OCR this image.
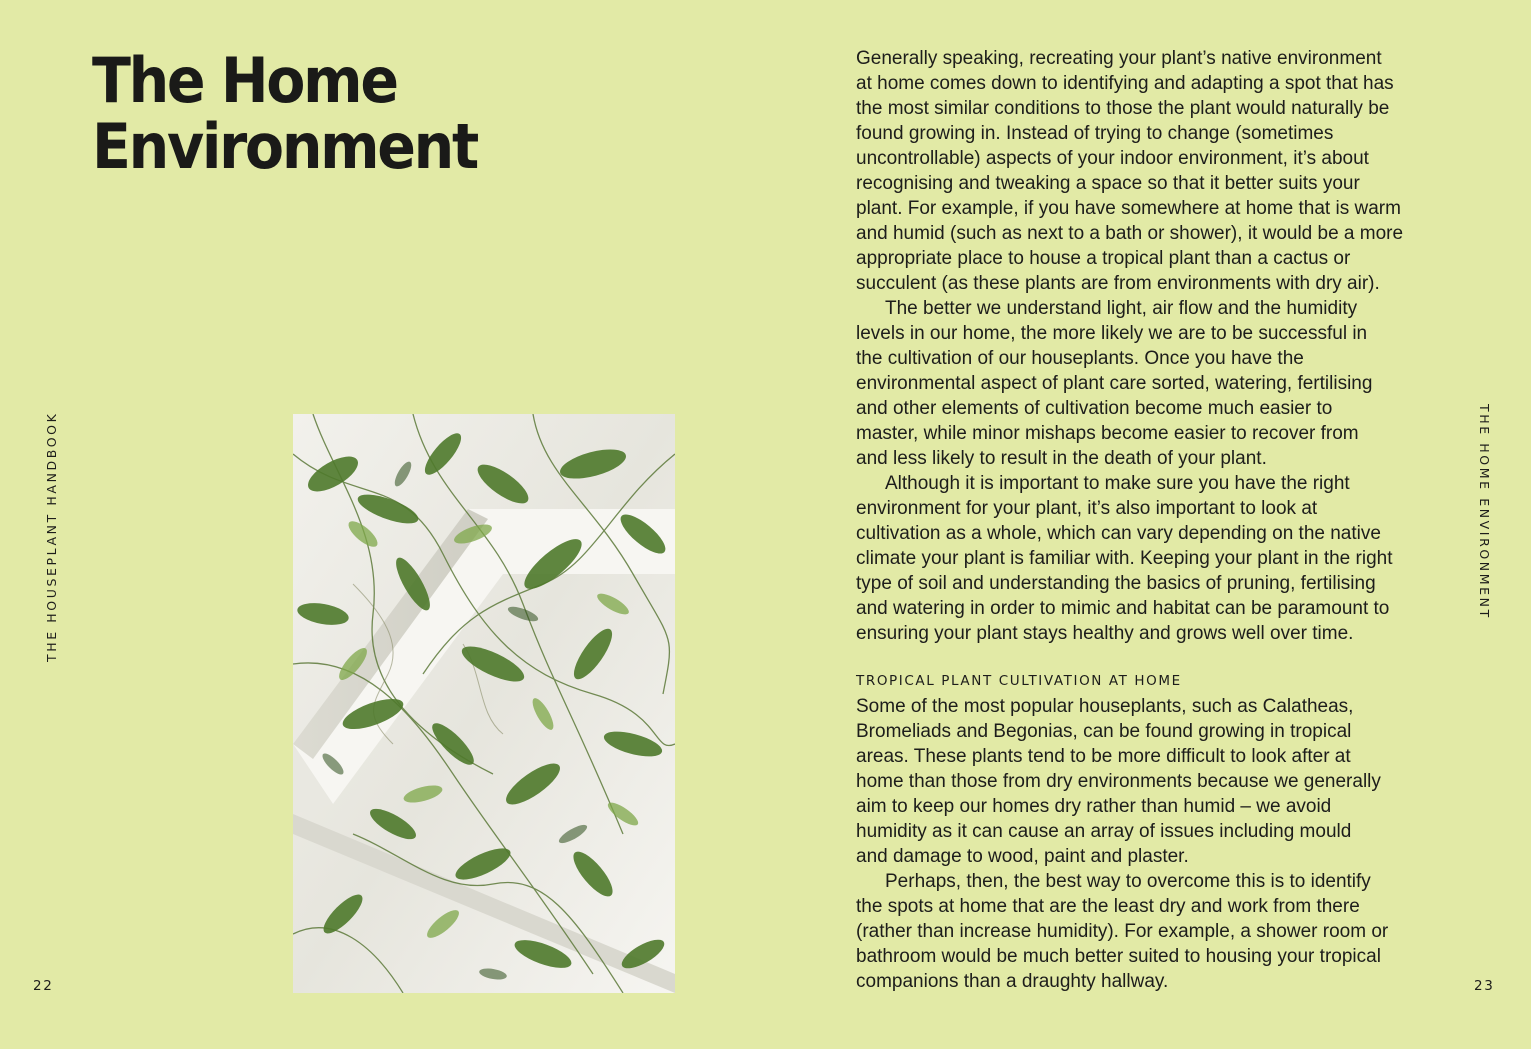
The Home
Environment
THE HOUSEPLANT HANDBOOK
22

Generally speaking, recreating your plant’s native environment
at home comes down to identifying and adapting a spot that has
the most similar conditions to those the plant would naturally be
found growing in. Instead of trying to change (sometimes
uncontrollable) aspects of your indoor environment, it’s about
recognising and tweaking a space so that it better suits your
plant. For example, if you have somewhere at home that is warm
and humid (such as next to a bath or shower), it would be a more
appropriate place to house a tropical plant than a cactus or
succulent (as these plants are from environments with dry air).

The better we understand light, air flow and the humidity
levels in our home, the more likely we are to be successful in
the cultivation of our houseplants. Once you have the
environmental aspect of plant care sorted, watering, fertilising
and other elements of cultivation become much easier to
master, while minor mishaps become easier to recover from
and less likely to result in the death of your plant.

Although it is important to make sure you have the right
environment for your plant, it’s also important to look at
cultivation as a whole, which can vary depending on the native
climate your plant is familiar with. Keeping your plant in the right
type of soil and understanding the basics of pruning, fertilising
and watering in order to mimic and habitat can be paramount to
ensuring your plant stays healthy and grows well over time.

TROPICAL PLANT CULTIVATION AT HOME

Some of the most popular houseplants, such as Calatheas,
Bromeliads and Begonias, can be found growing in tropical
areas. These plants tend to be more difficult to look after at
home than those from dry environments because we generally
aim to keep our homes dry rather than humid – we avoid
humidity as it can cause an array of issues including mould
and damage to wood, paint and plaster.

Perhaps, then, the best way to overcome this is to identify
the spots at home that are the least dry and work from there
(rather than increase humidity). For example, a shower room or
bathroom would be much better suited to housing your tropical
companions than a draughty hallway.

THE HOME ENVIRONMENT
23
